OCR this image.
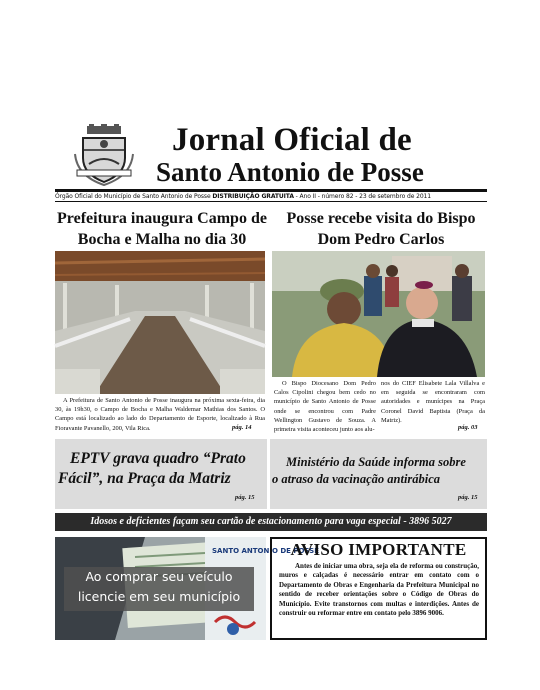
Jornal Oficial de
Santo Antonio de Posse
Órgão Oficial do Município de Santo Antonio de Posse DISTRIBUIÇÃO GRATUITA - Ano II - número 82 - 23 de setembro de 2011
Prefeitura inaugura Campo de Bocha e Malha no dia 30
A Prefeitura de Santo Antonio de Posse inaugura na próxima sexta-feira, dia 30, às 19h30, o Campo de Bocha e Malha Waldemar Mathias dos Santos. O Campo está localizado ao lado do Departamento de Esporte, localizado à Rua Fioravante Pavanello, 200, Vila Rica.	pág. 14
Posse recebe visita do Bispo Dom Pedro Carlos
O Bispo Diocesano Dom Pedro Calos Cipolini chegou bem cedo no município de Santo Antonio de Posse onde se encontrou com Padre Wellington Gustavo de Souza. A primeira visita aconteceu junto aos alu-
nos do CIEF Elisabete Lala Villalva e em seguida se encontraram com autoridades e munícipes na Praça Coronel David Baptista (Praça da Matriz).
pág. 03
EPTV grava quadro “Prato
Fácil”, na Praça da Matriz
pág. 15
Ministério da Saúde informa sobre
o atraso da vacinação antirábica
pág. 15
Idosos e deficientes façam seu cartão de estacionamento para vaga especial - 3896 5027
SANTO ANTONIO DE POSSE
Ao comprar seu veículo
licencie em seu município
AVISO IMPORTANTE
Antes de iniciar uma obra, seja ela de reforma ou construção, muros e calçadas é necessário entrar em contato com o Departamento de Obras e Engenharia da Prefeitura Municipal no sentido de receber orientações sobre o Código de Obras do Município. Evite transtornos com multas e interdições. Antes de construir ou reformar entre em contato pelo 3896 9006.
